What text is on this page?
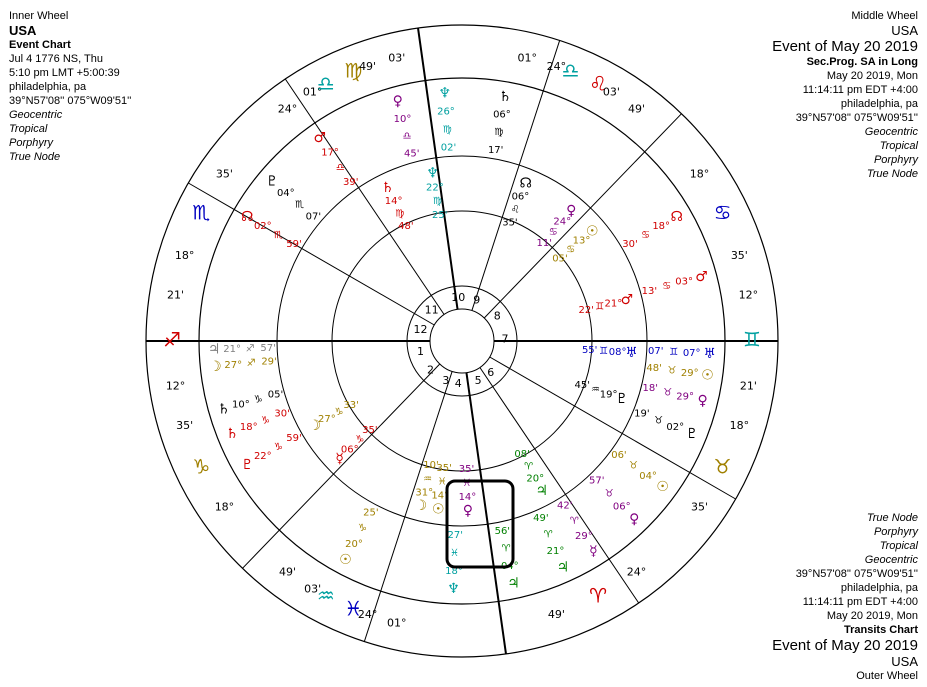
Inner Wheel
USA
Event Chart
Jul 4 1776 NS, Thu
5:10 pm LMT +5:00:39
philadelphia, pa
39°N57'08'' 075°W09'51''
Geocentric
Tropical
Porphyry
True Node
Middle Wheel
USA
Event of May 20 2019
Sec.Prog. SA in Long
May 20 2019, Mon
11:14:11 pm EDT +4:00
philadelphia, pa
39°N57'08'' 075°W09'51''
Geocentric
Tropical
Porphyry
True Node
True Node
Porphyry
Tropical
Geocentric
39°N57'08'' 075°W09'51''
philadelphia, pa
11:14:11 pm EDT +4:00
May 20 2019, Mon
Transits Chart
Event of May 20 2019
USA
Outer Wheel
1
2
3 4 5
6
7
8
9
10
11
12
♍
01°
03'
♌
24°
49'
♋
18°
35'
♊
12°
21'
♉
18°
35'
♈
24°
49'
♓
01°
03'
♒
24°
49'
♑
18°
35'
♐
12°
21'
♏
18°
35'
♎
24°
49'	♎
01°
03'
♀
10°
♎
45'
♆
26°
♍
02'
♄
06°
♍
17'
♇
04°
♏
07'
♂
17°
♎
39'
☊
02°
♏
59'
☊
18°
♋
30'
♂
03°
♋
13'
♅
07°
♊
07'
☉
29°
♉
48'
♀
29°
♉
18'
♇
02°
♉
19'
☉
04°
♉
06'
♀
06°
♉
57'
☿
29°
♈
42'
♃
21°
♈
49'
♃
04°
♈
56'
♆
18°
♓
27'
☉
20°
♑
25'
♇
22°
♑
59'
♄ 18°
♑
30'
♄ 10° ♑ 05'
☽ 27° ♐ 29'
♃ 21° ♐ 57'
♆
22°
♍
25'
♄
14°
♍
48'
☊
06°
♌
35'
♀
24°
♋
11'
☉
13°
♋
05'
♂
21°
♊
22'
♅
08°
♊
55'
♇
19°
♒
45'
☉
14°
♓
35'
♀
14°
♓
35'
☽
31°
♒
10'
♃
20°
♈
08'
☿
06°
♑
35'
☽
27°
♑
33'
